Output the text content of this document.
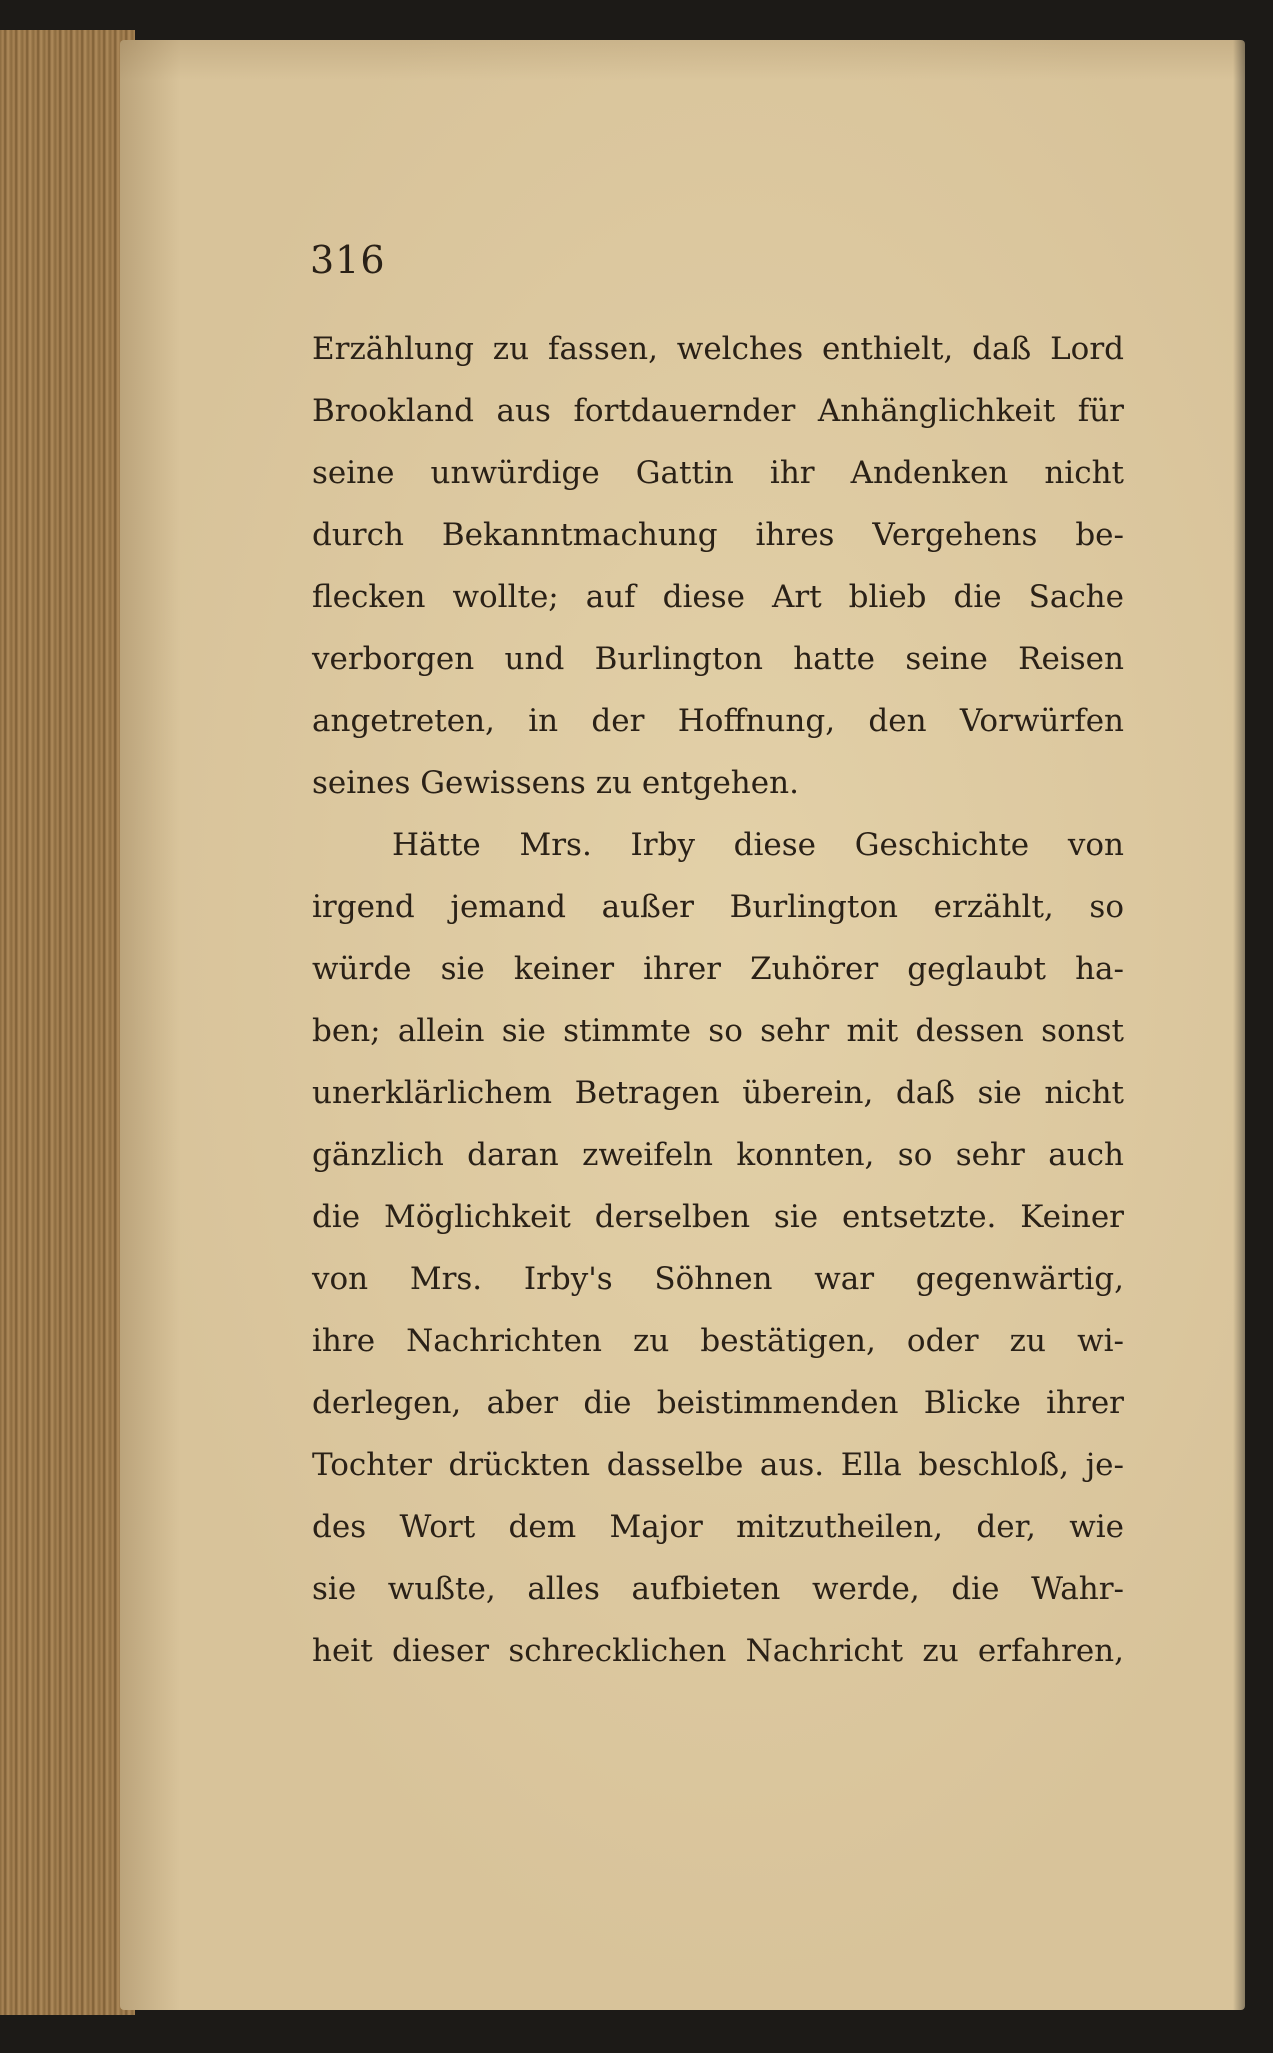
316
Erzählung zu fassen, welches enthielt, daß Lord
Brookland aus fortdauernder Anhänglichkeit für
seine unwürdige Gattin ihr Andenken nicht
durch Bekanntmachung ihres Vergehens be-
flecken wollte; auf diese Art blieb die Sache
verborgen und Burlington hatte seine Reisen
angetreten, in der Hoffnung, den Vorwürfen
seines Gewissens zu entgehen.
Hätte Mrs. Irby diese Geschichte von
irgend jemand außer Burlington erzählt, so
würde sie keiner ihrer Zuhörer geglaubt ha-
ben; allein sie stimmte so sehr mit dessen sonst
unerklärlichem Betragen überein, daß sie nicht
gänzlich daran zweifeln konnten, so sehr auch
die Möglichkeit derselben sie entsetzte. Keiner
von Mrs. Irby's Söhnen war gegenwärtig,
ihre Nachrichten zu bestätigen, oder zu wi-
derlegen, aber die beistimmenden Blicke ihrer
Tochter drückten dasselbe aus. Ella beschloß, je-
des Wort dem Major mitzutheilen, der, wie
sie wußte, alles aufbieten werde, die Wahr-
heit dieser schrecklichen Nachricht zu erfahren,
